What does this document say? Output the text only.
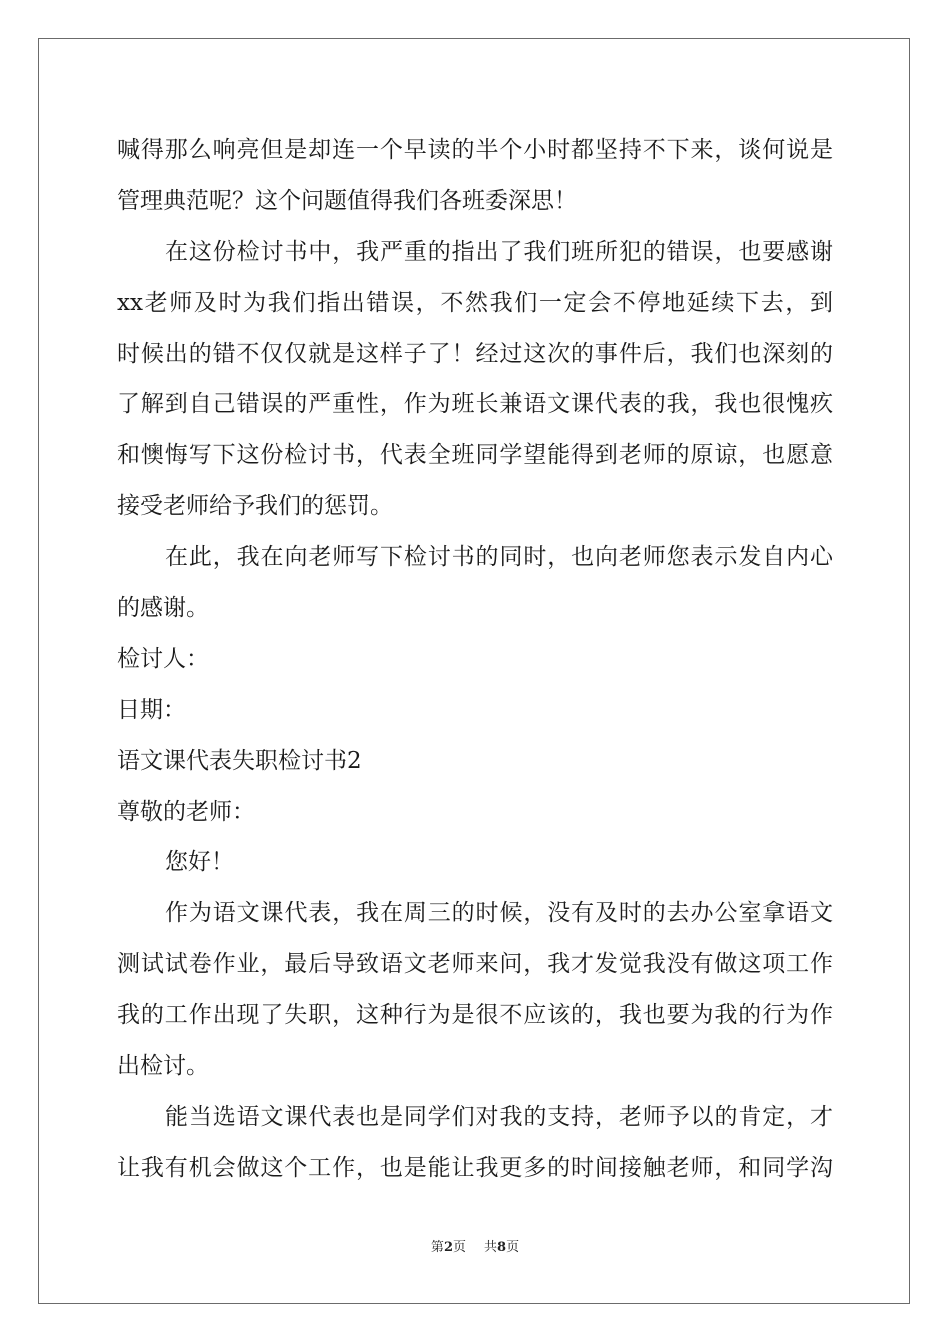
喊得那么响亮但是却连一个早读的半个小时都坚持不下来，谈何说是
管理典范呢？这个问题值得我们各班委深思！
在这份检讨书中，我严重的指出了我们班所犯的错误，也要感谢
xx老师及时为我们指出错误，不然我们一定会不停地延续下去，到
时候出的错不仅仅就是这样子了！经过这次的事件后，我们也深刻的
了解到自己错误的严重性，作为班长兼语文课代表的我，我也很愧疚
和懊悔写下这份检讨书，代表全班同学望能得到老师的原谅，也愿意
接受老师给予我们的惩罚。
在此，我在向老师写下检讨书的同时，也向老师您表示发自内心
的感谢。
检讨人：
日期：
语文课代表失职检讨书2
尊敬的老师：
您好！
作为语文课代表，我在周三的时候，没有及时的去办公室拿语文
测试试卷作业，最后导致语文老师来问，我才发觉我没有做这项工作
我的工作出现了失职，这种行为是很不应该的，我也要为我的行为作
出检讨。
能当选语文课代表也是同学们对我的支持，老师予以的肯定，才
让我有机会做这个工作，也是能让我更多的时间接触老师，和同学沟
第2页 共8页
